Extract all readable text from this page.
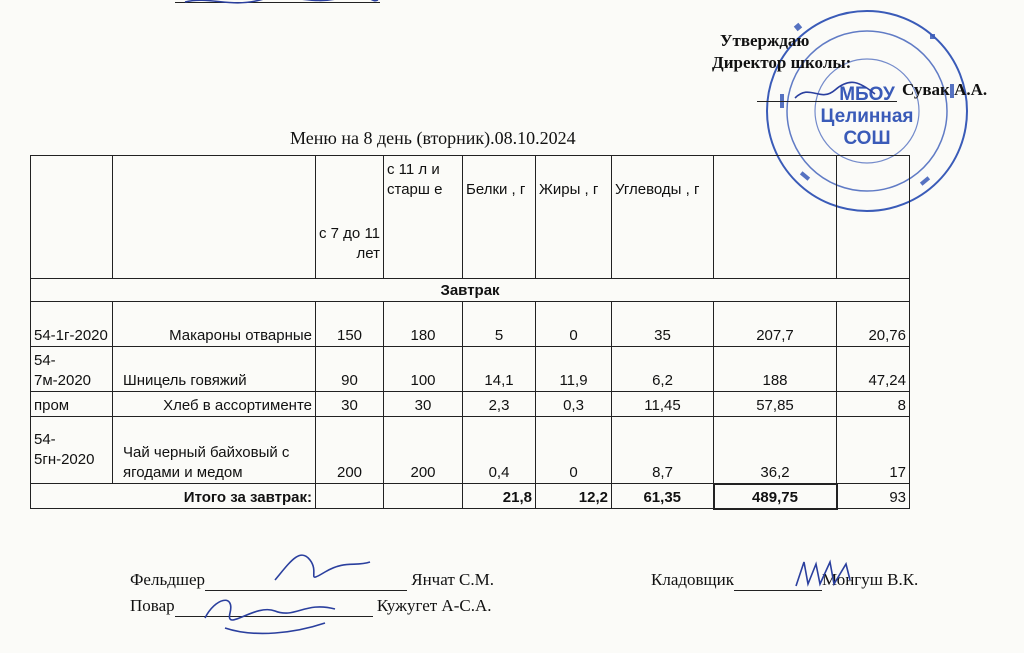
МБОУ
Целинная
СОШ
Утверждаю
Директор школы:
Сувак А.А.
Меню на 8 день (вторник).08.10.2024
		с 7 до 11 лет	с 11 л и старш е	Белки , г	Жиры , г	Углеводы , г		
Завтрак								
54-1г-2020	Макароны отварные	150	180	5	0	35	207,7	20,76
54-7м-2020	Шницель говяжий	90	100	14,1	11,9	6,2	188	47,24
пром	Хлеб в ассортименте	30	30	2,3	0,3	11,45	57,85	8
54-5гн-2020	Чай черный байховый с ягодами и медом	200	200	0,4	0	8,7	36,2	17
	Итого за завтрак:			21,8	12,2	61,35	489,75	93
Фельдшер	Янчат С.М.
Повар	Кужугет А-С.А.
Кладовщик	Монгуш В.К.
